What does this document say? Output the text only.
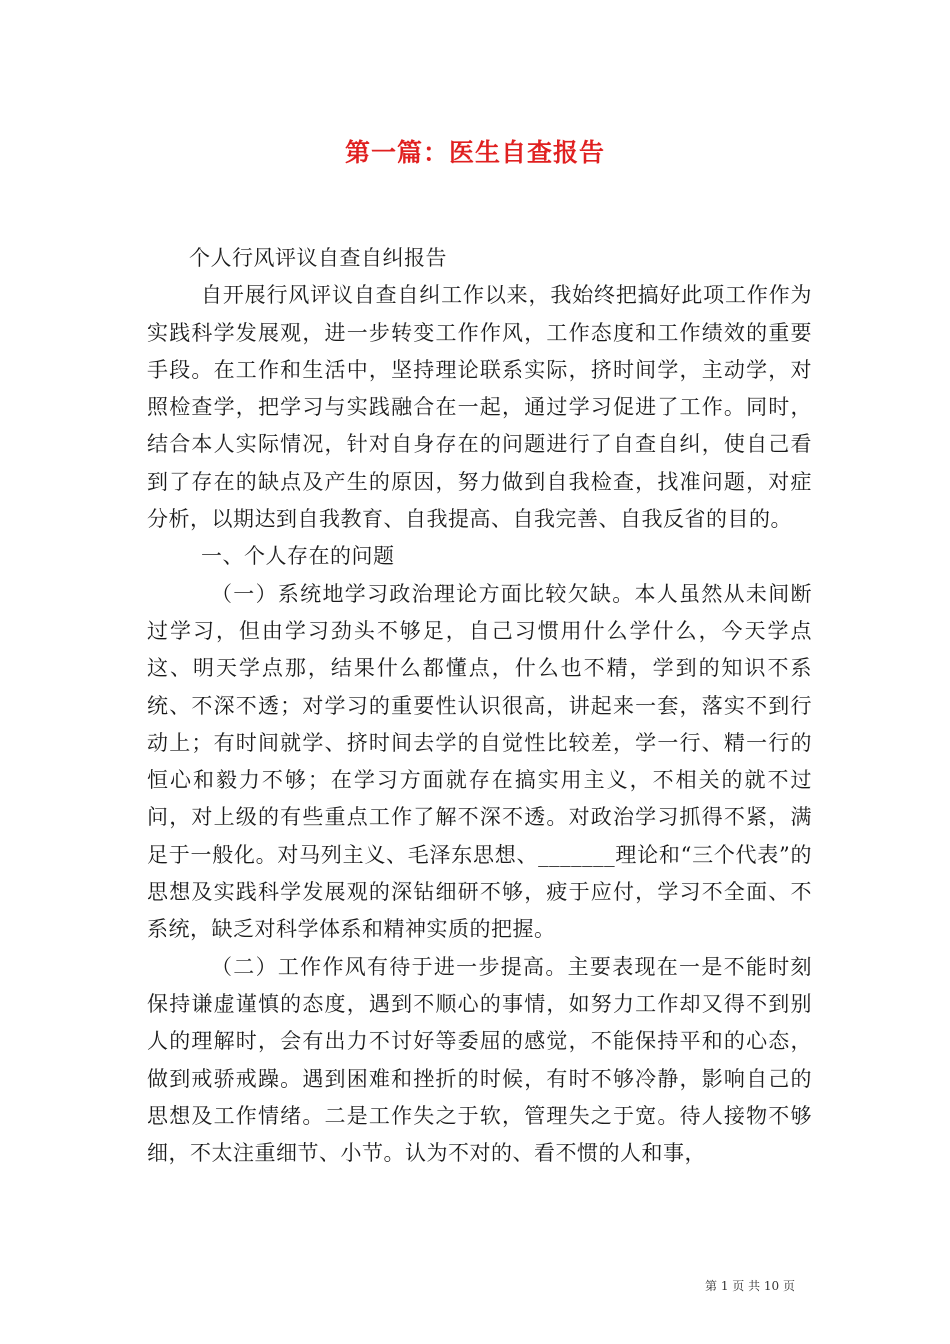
第一篇：医生自查报告

个人行风评议自查自纠报告

自开展行风评议自查自纠工作以来，我始终把搞好此项工作作为实践科学发展观，进一步转变工作作风，工作态度和工作绩效的重要手段。在工作和生活中，坚持理论联系实际，挤时间学，主动学，对照检查学，把学习与实践融合在一起，通过学习促进了工作。同时，结合本人实际情况，针对自身存在的问题进行了自查自纠，使自己看到了存在的缺点及产生的原因，努力做到自我检查，找准问题，对症分析，以期达到自我教育、自我提高、自我完善、自我反省的目的。

一、个人存在的问题

（一）系统地学习政治理论方面比较欠缺。本人虽然从未间断过学习，但由学习劲头不够足，自己习惯用什么学什么，今天学点这、明天学点那，结果什么都懂点，什么也不精，学到的知识不系统、不深不透；对学习的重要性认识很高，讲起来一套，落实不到行动上；有时间就学、挤时间去学的自觉性比较差，学一行、精一行的恒心和毅力不够；在学习方面就存在搞实用主义，不相关的就不过问，对上级的有些重点工作了解不深不透。对政治学习抓得不紧，满足于一般化。对马列主义、毛泽东思想、_______理论和“三个代表”的思想及实践科学发展观的深钻细研不够，疲于应付，学习不全面、不系统，缺乏对科学体系和精神实质的把握。

（二）工作作风有待于进一步提高。主要表现在一是不能时刻保持谦虚谨慎的态度，遇到不顺心的事情，如努力工作却又得不到别人的理解时，会有出力不讨好等委屈的感觉，不能保持平和的心态，做到戒骄戒躁。遇到困难和挫折的时候，有时不够冷静，影响自己的思想及工作情绪。二是工作失之于软，管理失之于宽。待人接物不够细，不太注重细节、小节。认为不对的、看不惯的人和事，

第 1 页 共 10 页
